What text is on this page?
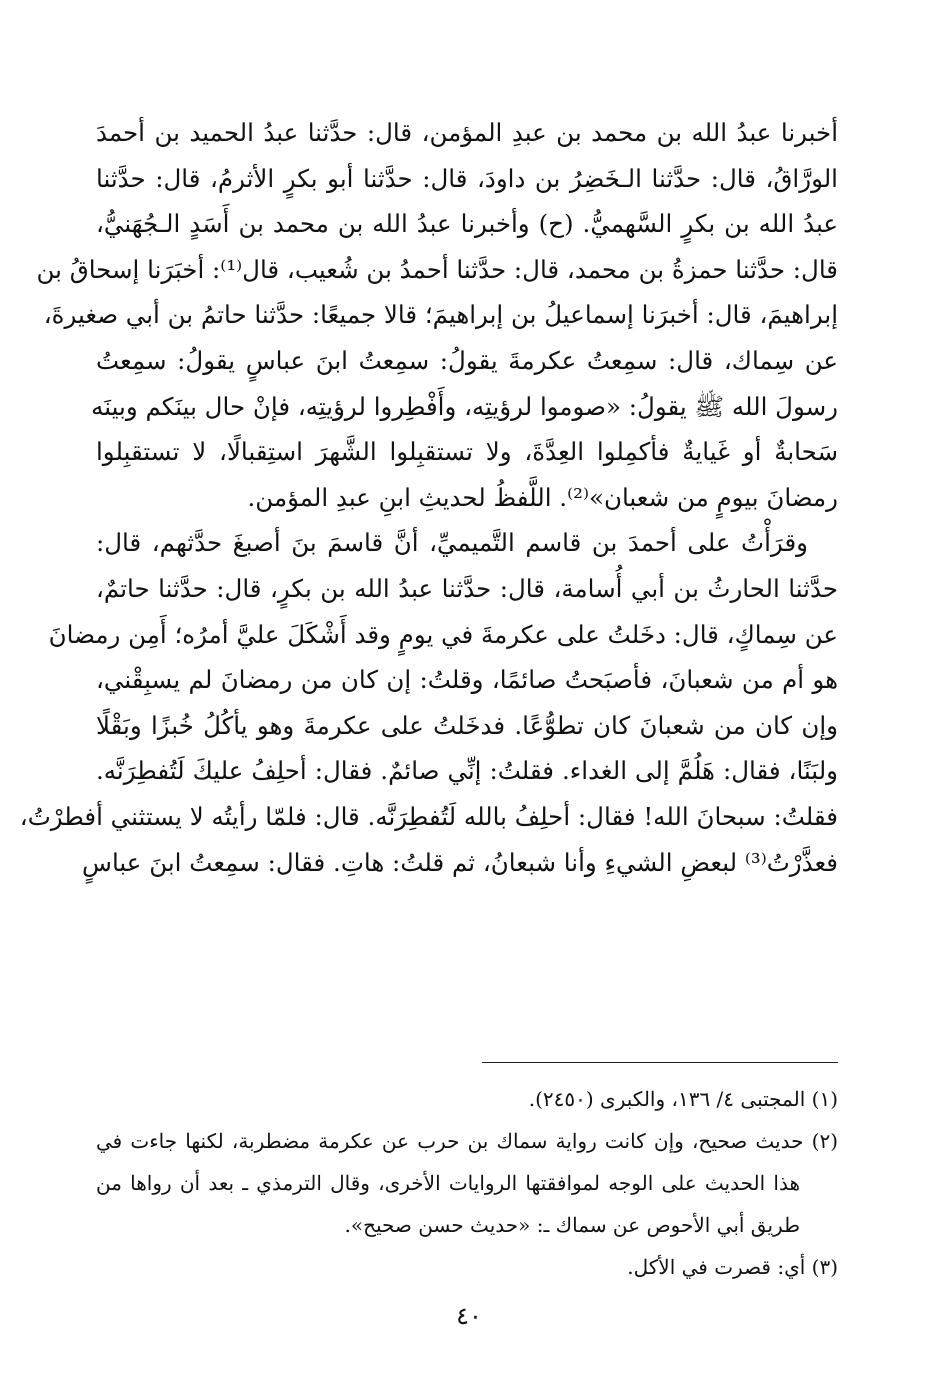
أخبرنا عبدُ الله بن محمد بن عبدِ المؤمن، قال: حدَّثنا عبدُ الحميد بن أحمدَ
الورَّاقُ، قال: حدَّثنا الـخَضِرُ بن داودَ، قال: حدَّثنا أبو بكرٍ الأثرمُ، قال: حدَّثنا
عبدُ الله بن بكرٍ السَّهميُّ. (ح) وأخبرنا عبدُ الله بن محمد بن أَسَدٍ الـجُهَنيُّ،
قال: حدَّثنا حمزةُ بن محمد، قال: حدَّثنا أحمدُ بن شُعيب، قال⁽¹⁾: أخبَرَنا إسحاقُ بن
إبراهيمَ، قال: أخبرَنا إسماعيلُ بن إبراهيمَ؛ قالا جميعًا: حدَّثنا حاتمُ بن أبي صغيرةَ،
عن سِماك، قال: سمِعتُ عكرمةَ يقولُ: سمِعتُ ابنَ عباسٍ يقولُ: سمِعتُ
رسولَ الله ﷺ يقولُ: «صوموا لرؤيتِه، وأَفْطِروا لرؤيتِه، فإنْ حال بينَكم وبينَه
سَحابةٌ أو غَيايةٌ فأكمِلوا العِدَّةَ، ولا تستقبِلوا الشَّهرَ استِقبالًا، لا تستقبِلوا
رمضانَ بيومٍ من شعبان»⁽²⁾. اللَّفظُ لحديثِ ابنِ عبدِ المؤمن.

وقرَأْتُ على أحمدَ بن قاسم التَّميميِّ، أنَّ قاسمَ بنَ أصبغَ حدَّثهم، قال:
حدَّثنا الحارثُ بن أبي أُسامة، قال: حدَّثنا عبدُ الله بن بكرٍ، قال: حدَّثنا حاتمٌ،
عن سِماكٍ، قال: دخَلتُ على عكرمةَ في يومٍ وقد أَشْكَلَ عليَّ أمرُه؛ أَمِن رمضانَ
هو أم من شعبانَ، فأصبَحتُ صائمًا، وقلتُ: إن كان من رمضانَ لم يسبِقْني،
وإن كان من شعبانَ كان تطوُّعًا. فدخَلتُ على عكرمةَ وهو يأكُلُ خُبزًا وبَقْلًا
ولبَنًا، فقال: هَلُمَّ إلى الغداء. فقلتُ: إنِّي صائمٌ. فقال: أحلِفُ عليكَ لَتُفطِرَنَّه.
فقلتُ: سبحانَ الله! فقال: أحلِفُ بالله لَتُفطِرَنَّه. قال: فلمّا رأيتُه لا يستثني أفطرْتُ،
فعذَّرْتُ⁽³⁾ لبعضِ الشيءِ وأنا شبعانُ، ثم قلتُ: هاتِ. فقال: سمِعتُ ابنَ عباسٍ

(١) المجتبى ٤/ ١٣٦، والكبرى (٢٤٥٠).

(٢) حديث صحيح، وإن كانت رواية سماك بن حرب عن عكرمة مضطربة، لكنها جاءت في

هذا الحديث على الوجه لموافقتها الروايات الأخرى، وقال الترمذي ـ بعد أن رواها من

طريق أبي الأحوص عن سماك ـ: «حديث حسن صحيح».

(٣) أي: قصرت في الأكل.

٤٠
